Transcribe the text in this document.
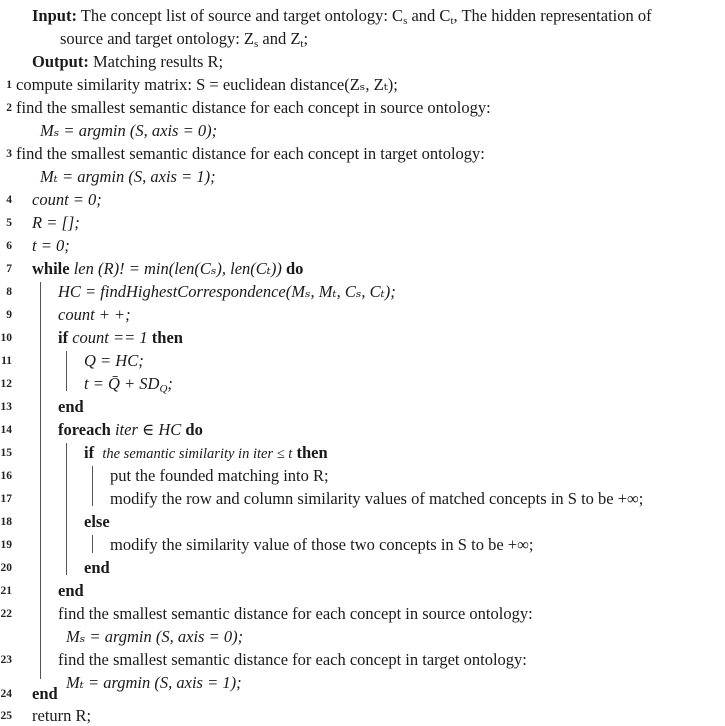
Input: The concept list of source and target ontology: $C_s$ and $C_t$, The hidden representation of
source and target ontology: $Z_s$ and $Z_t$;
Output: Matching results R;
1 compute similarity matrix: S = euclidean distance(Zₛ, Zₜ);
2 find the smallest semantic distance for each concept in source ontology:
Mₛ = argmin (S, axis = 0);
3 find the smallest semantic distance for each concept in target ontology:
Mₜ = argmin (S, axis = 1);
4 count = 0;
5 R = [];
6 t = 0;
7 while len (R)! = min(len(Cₛ), len(Cₜ)) do
8	HC = findHighestCorrespondence(Mₛ, Mₜ, Cₛ, Cₜ);
9	count + +;
10	if count == 1 then
11	Q = HC;
12	t = Q̄ + $SD_Q$;
13	end
14	foreach iter ∈ HC do
15	if the semantic similarity in iter ≤ t then
16	put the founded matching into R;
17	modify the row and column similarity values of matched concepts in S to be +∞;
18	else
19	modify the similarity value of those two concepts in S to be +∞;
20	end
21	end
22	find the smallest semantic distance for each concept in source ontology:
Mₛ = argmin (S, axis = 0);
23	find the smallest semantic distance for each concept in target ontology:
Mₜ = argmin (S, axis = 1);
24 end
25 return R;
